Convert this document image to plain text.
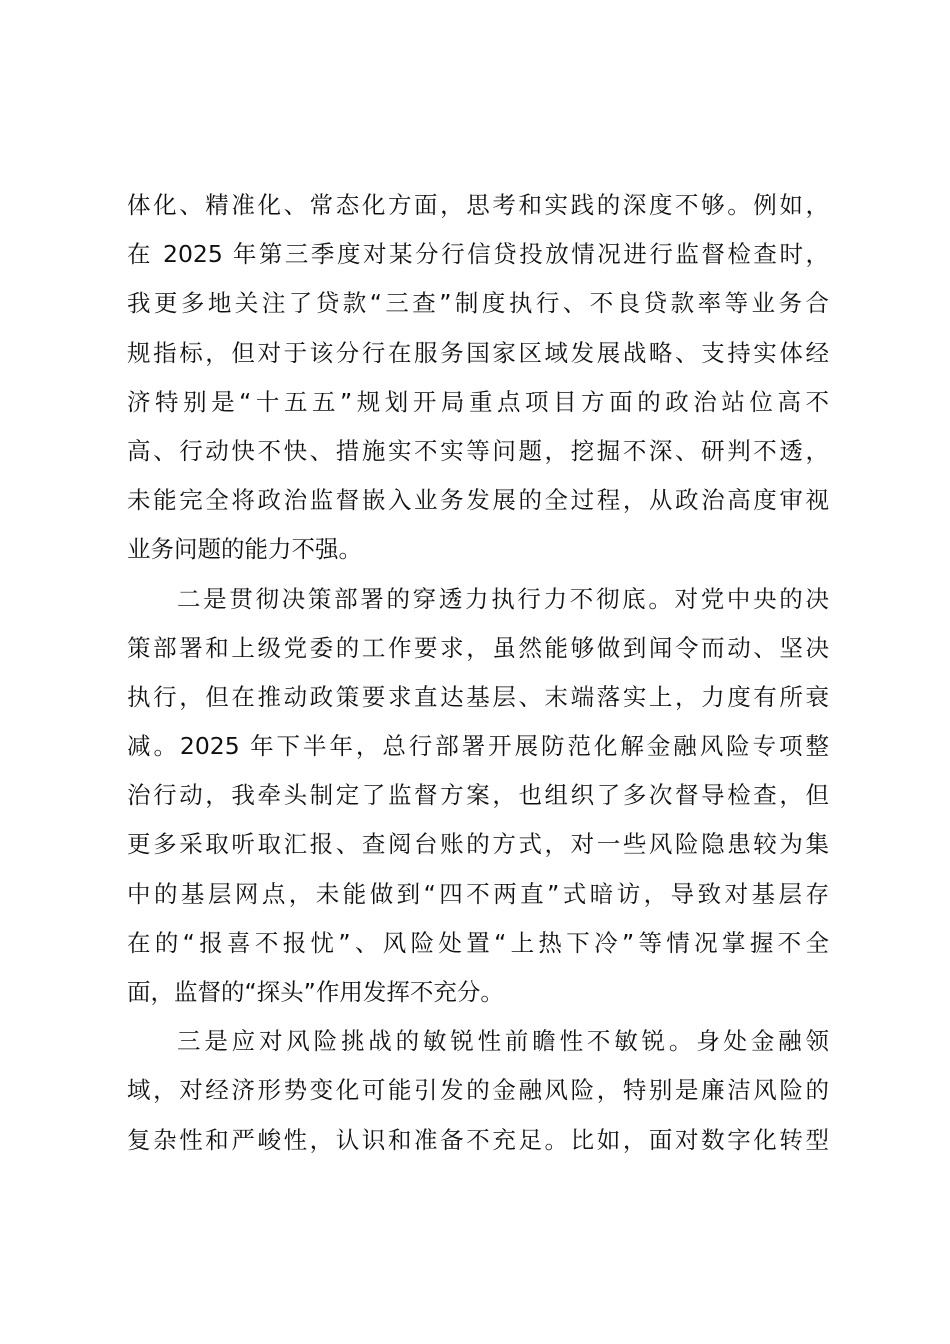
体化、精准化、常态化方面，思考和实践的深度不够。例如，
在 2025 年第三季度对某分行信贷投放情况进行监督检查时，
我更多地关注了贷款“三查”制度执行、不良贷款率等业务合
规指标，但对于该分行在服务国家区域发展战略、支持实体经
济特别是“十五五”规划开局重点项目方面的政治站位高不
高、行动快不快、措施实不实等问题，挖掘不深、研判不透，
未能完全将政治监督嵌入业务发展的全过程，从政治高度审视
业务问题的能力不强。
二是贯彻决策部署的穿透力执行力不彻底。对党中央的决
策部署和上级党委的工作要求，虽然能够做到闻令而动、坚决
执行，但在推动政策要求直达基层、末端落实上，力度有所衰
减。2025 年下半年，总行部署开展防范化解金融风险专项整
治行动，我牵头制定了监督方案，也组织了多次督导检查，但
更多采取听取汇报、查阅台账的方式，对一些风险隐患较为集
中的基层网点，未能做到“四不两直”式暗访，导致对基层存
在的“报喜不报忧”、风险处置“上热下冷”等情况掌握不全
面，监督的“探头”作用发挥不充分。
三是应对风险挑战的敏锐性前瞻性不敏锐。身处金融领
域，对经济形势变化可能引发的金融风险，特别是廉洁风险的
复杂性和严峻性，认识和准备不充足。比如，面对数字化转型
